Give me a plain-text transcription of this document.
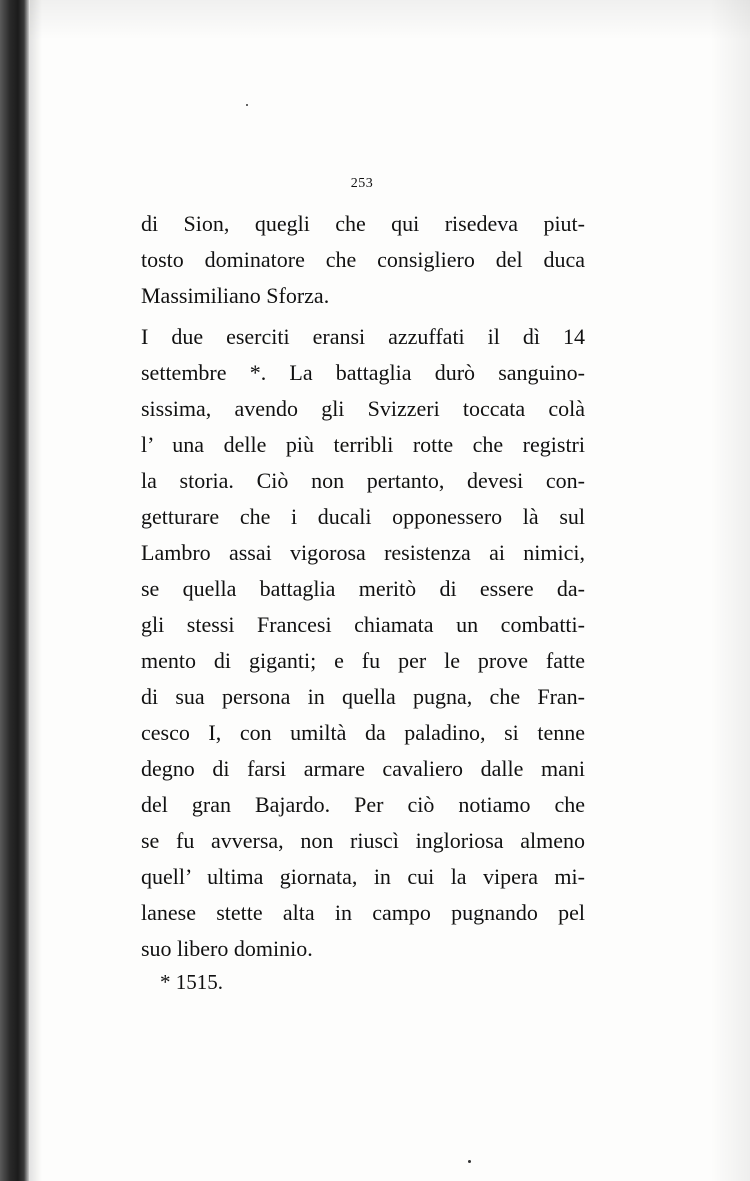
253
di Sion, quegli che qui risedeva piut-
tosto dominatore che consigliero del duca
Massimiliano Sforza.
I due eserciti eransi azzuffati il dì 14
settembre *. La battaglia durò sanguino-
sissima, avendo gli Svizzeri toccata colà
l’ una delle più terribli rotte che registri
la storia. Ciò non pertanto, devesi con-
getturare che i ducali opponessero là sul
Lambro assai vigorosa resistenza ai nimici,
se quella battaglia meritò di essere da-
gli stessi Francesi chiamata un combatti-
mento di giganti; e fu per le prove fatte
di sua persona in quella pugna, che Fran-
cesco I, con umiltà da paladino, si tenne
degno di farsi armare cavaliero dalle mani
del gran Bajardo. Per ciò notiamo che
se fu avversa, non riuscì ingloriosa almeno
quell’ ultima giornata, in cui la vipera mi-
lanese stette alta in campo pugnando pel
suo libero dominio.
* 1515.
